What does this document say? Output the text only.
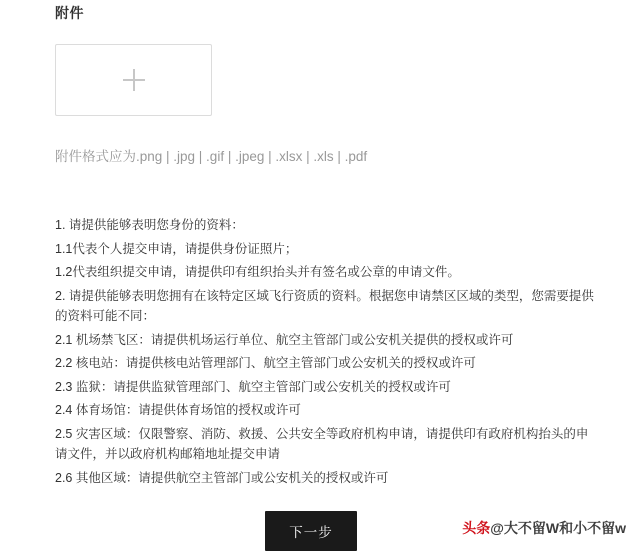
附件
附件格式应为.png | .jpg | .gif | .jpeg | .xlsx | .xls | .pdf

1. 请提供能够表明您身份的资料：

1.1代表个人提交申请，请提供身份证照片；

1.2代表组织提交申请，请提供印有组织抬头并有签名或公章的申请文件。

2. 请提供能够表明您拥有在该特定区域飞行资质的资料。根据您申请禁区区域的类型，您需要提供的资料可能不同：

2.1 机场禁飞区：请提供机场运行单位、航空主管部门或公安机关提供的授权或许可

2.2 核电站：请提供核电站管理部门、航空主管部门或公安机关的授权或许可

2.3 监狱：请提供监狱管理部门、航空主管部门或公安机关的授权或许可

2.4 体育场馆：请提供体育场馆的授权或许可

2.5 灾害区域：仅限警察、消防、救援、公共安全等政府机构申请，请提供印有政府机构抬头的申请文件，并以政府机构邮箱地址提交申请

2.6 其他区域：请提供航空主管部门或公安机关的授权或许可

下一步	头条@大不留W和小不留w
